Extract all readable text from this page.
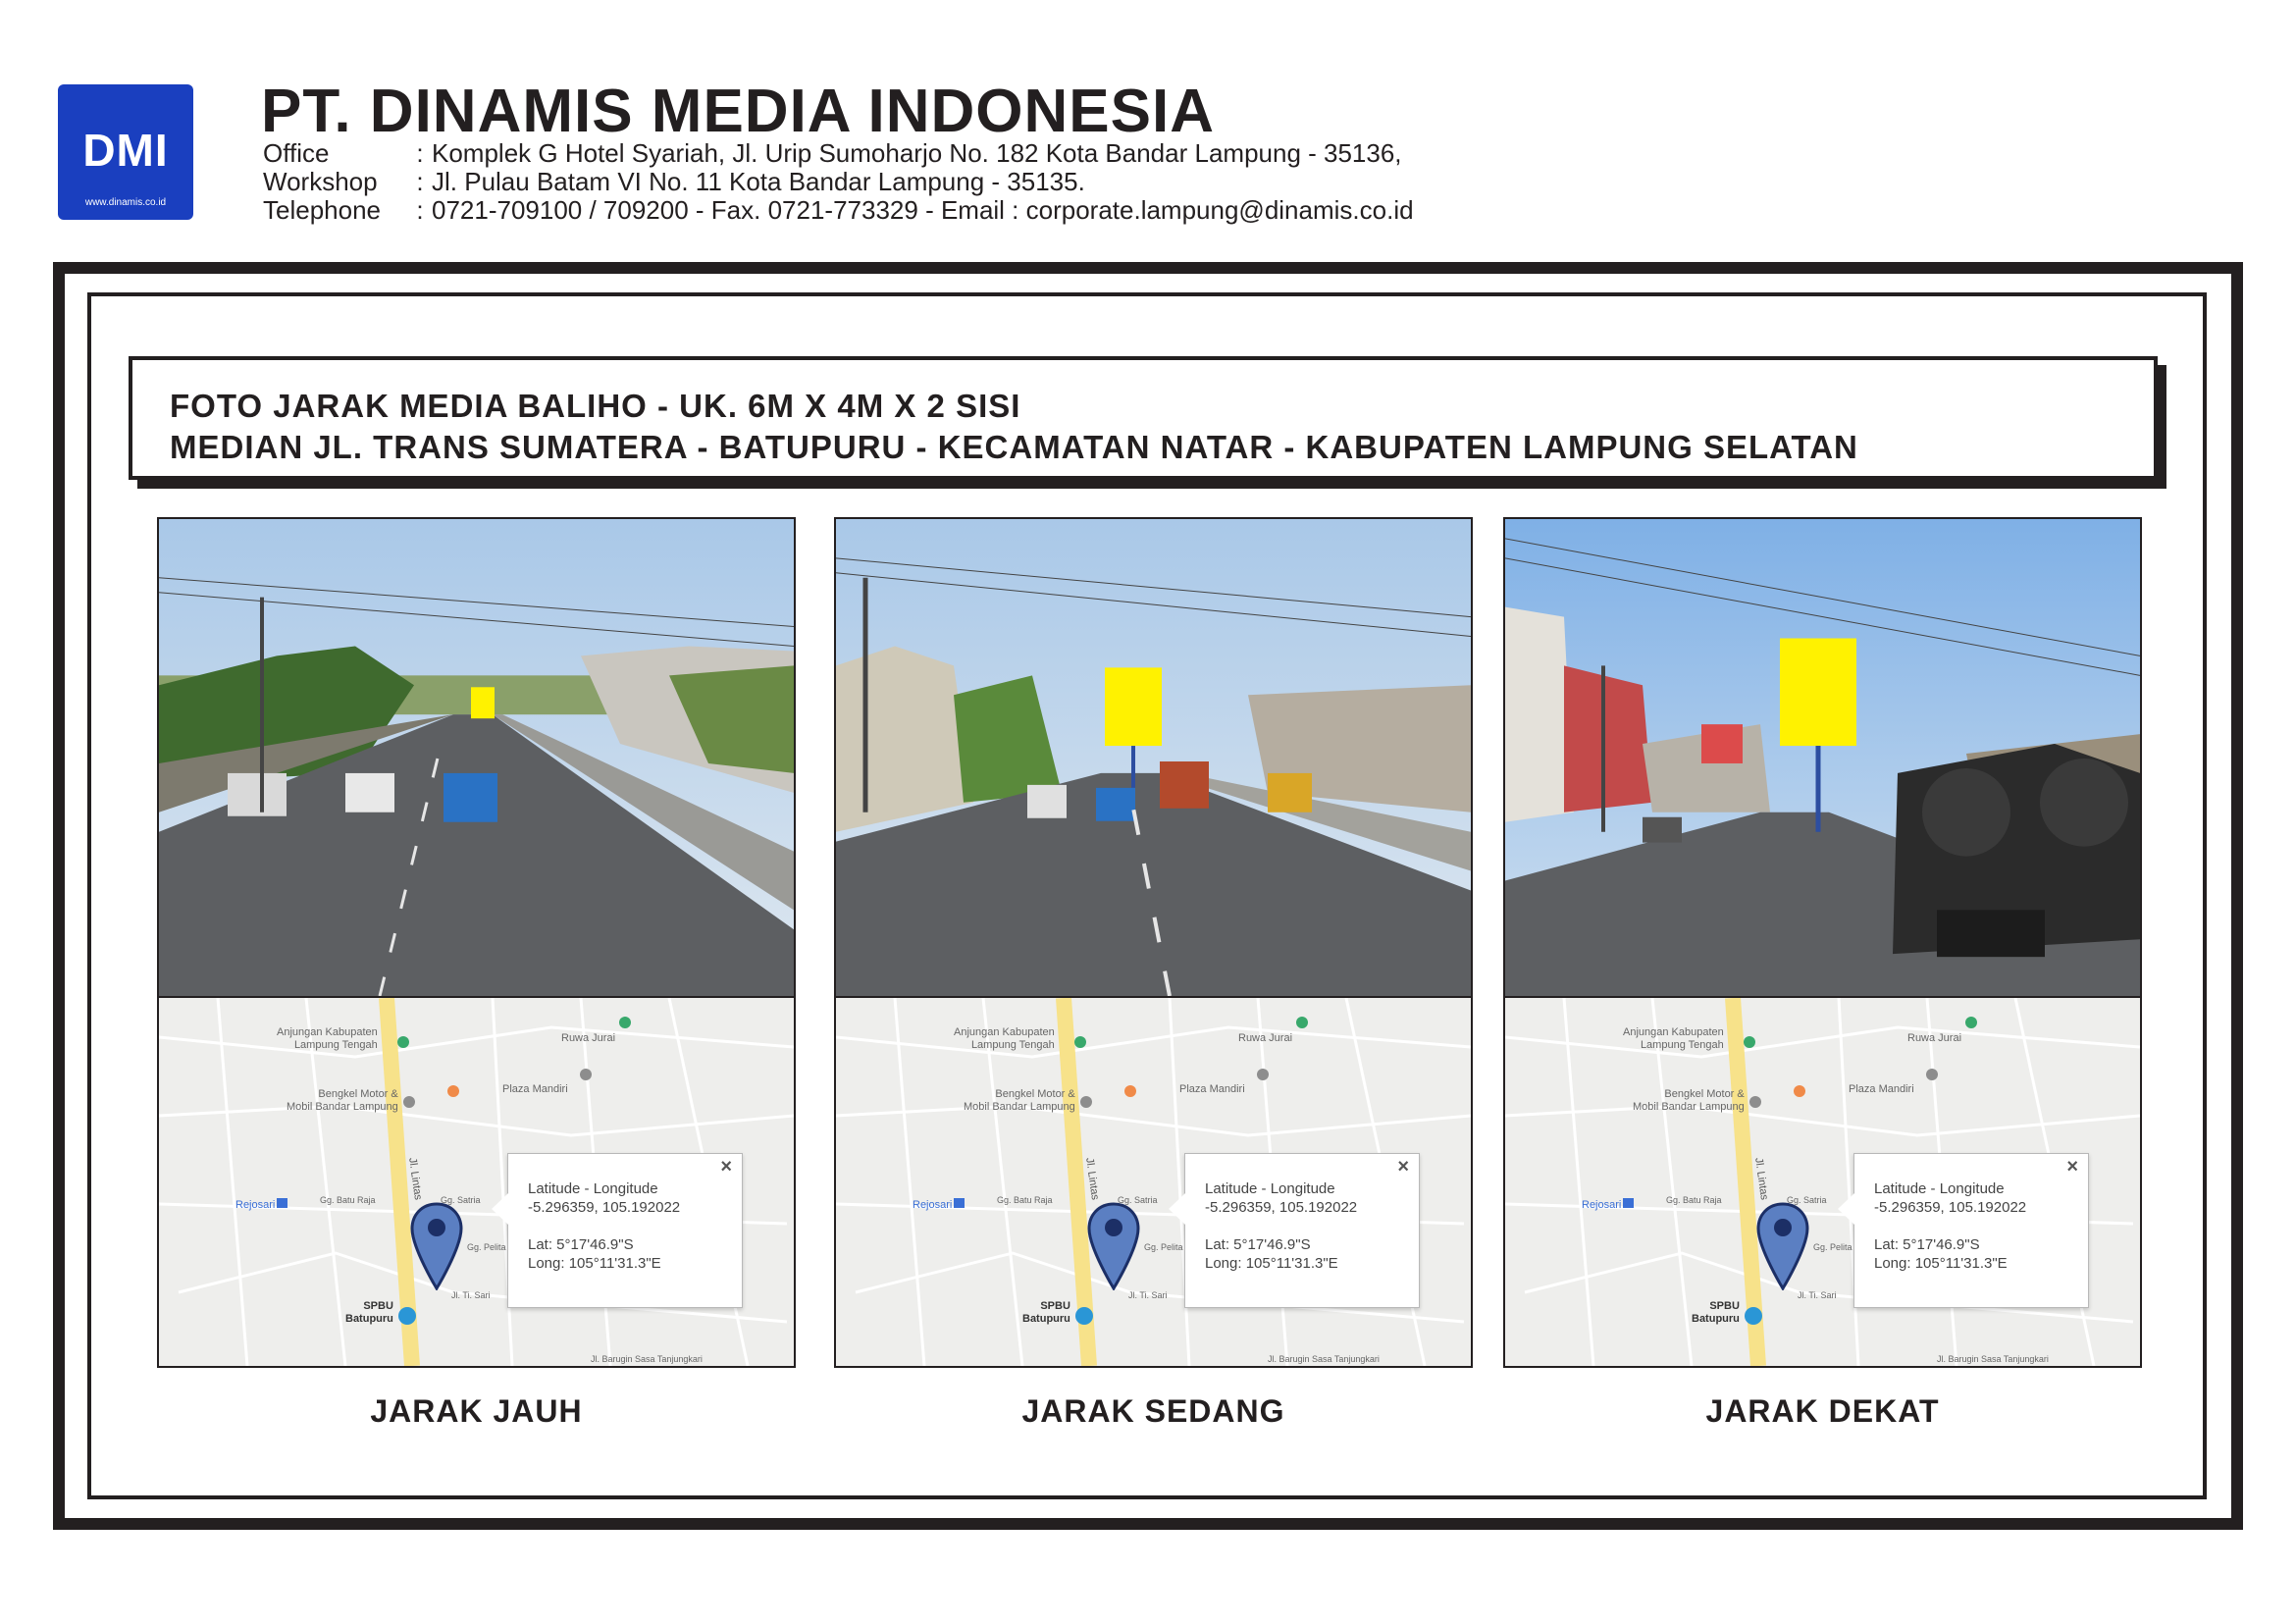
DMI
www.dinamis.co.id
PT. DINAMIS MEDIA INDONESIA
Office	: Komplek G Hotel Syariah, Jl. Urip Sumoharjo No. 182 Kota Bandar Lampung - 35136,
Workshop	: Jl. Pulau Batam VI No. 11 Kota Bandar Lampung - 35135.
Telephone	: 0721-709100 / 709200 - Fax. 0721-773329 - Email : corporate.lampung@dinamis.co.id
FOTO JARAK MEDIA BALIHO - UK. 6M X 4M X 2 SISI
MEDIAN JL. TRANS SUMATERA - BATUPURU - KECAMATAN NATAR - KABUPATEN LAMPUNG SELATAN
Anjungan Kabupaten
Lampung Tengah
Ruwa Jurai
Bengkel Motor &
Mobil Bandar Lampung
Plaza Mandiri
Rejosari
SPBU
Batupuru
Gg. Batu Raja	Gg. Satria
Gg. Pelita
Jl. Ti. Sari
Jl. Barugin Sasa Tanjungkari
Jl. Lintas	×
Latitude - Longitude
-5.296359, 105.192022
Lat: 5°17'46.9"S
Long: 105°11'31.3"E
Anjungan Kabupaten
Lampung Tengah
Ruwa Jurai
Bengkel Motor &
Mobil Bandar Lampung
Plaza Mandiri
Rejosari
SPBU
Batupuru
Gg. Batu Raja	Gg. Satria
Gg. Pelita
Jl. Ti. Sari
Jl. Barugin Sasa Tanjungkari
Jl. Lintas	×
Latitude - Longitude
-5.296359, 105.192022
Lat: 5°17'46.9"S
Long: 105°11'31.3"E
Anjungan Kabupaten
Lampung Tengah
Ruwa Jurai
Bengkel Motor &
Mobil Bandar Lampung
Plaza Mandiri
Rejosari
SPBU
Batupuru
Gg. Batu Raja	Gg. Satria
Gg. Pelita
Jl. Ti. Sari
Jl. Barugin Sasa Tanjungkari
Jl. Lintas	×
Latitude - Longitude
-5.296359, 105.192022
Lat: 5°17'46.9"S
Long: 105°11'31.3"E
JARAK JAUH	JARAK SEDANG	JARAK DEKAT
